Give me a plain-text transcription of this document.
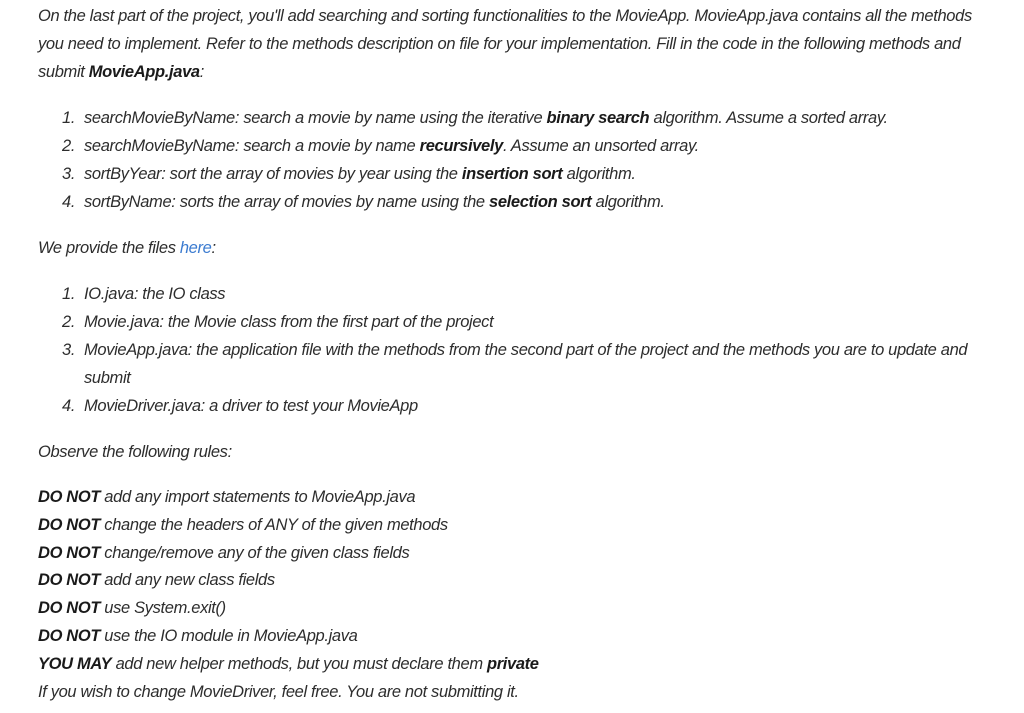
On the last part of the project, you'll add searching and sorting functionalities to the MovieApp. MovieApp.java contains all the methods you need to implement. Refer to the methods description on file for your implementation. Fill in the code in the following methods and submit MovieApp.java:

1. searchMovieByName: search a movie by name using the iterative binary search algorithm. Assume a sorted array.
2. searchMovieByName: search a movie by name recursively. Assume an unsorted array.
3. sortByYear: sort the array of movies by year using the insertion sort algorithm.
4. sortByName: sorts the array of movies by name using the selection sort algorithm.

We provide the files here:

1. IO.java: the IO class
2. Movie.java: the Movie class from the first part of the project
3. MovieApp.java: the application file with the methods from the second part of the project and the methods you are to update and submit
4. MovieDriver.java: a driver to test your MovieApp

Observe the following rules:

DO NOT add any import statements to MovieApp.java

DO NOT change the headers of ANY of the given methods

DO NOT change/remove any of the given class fields

DO NOT add any new class fields

DO NOT use System.exit()

DO NOT use the IO module in MovieApp.java

YOU MAY add new helper methods, but you must declare them private

If you wish to change MovieDriver, feel free. You are not submitting it.
